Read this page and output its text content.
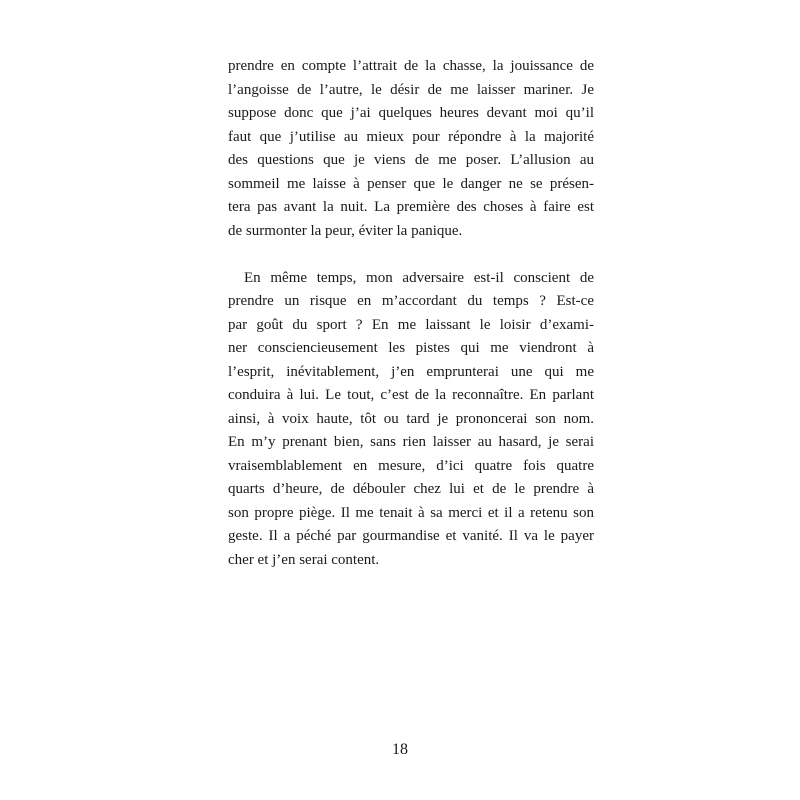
prendre en compte l’attrait de la chasse, la jouissance de
l’angoisse de l’autre, le désir de me laisser mariner. Je
suppose donc que j’ai quelques heures devant moi qu’il
faut que j’utilise au mieux pour répondre à la majorité
des questions que je viens de me poser. L’allusion au
sommeil me laisse à penser que le danger ne se présen-
tera pas avant la nuit. La première des choses à faire est
de surmonter la peur, éviter la panique.
En même temps, mon adversaire est-il conscient de
prendre un risque en m’accordant du temps ? Est-ce
par goût du sport ? En me laissant le loisir d’exami-
ner consciencieusement les pistes qui me viendront à
l’esprit, inévitablement, j’en emprunterai une qui me
conduira à lui. Le tout, c’est de la reconnaître. En parlant
ainsi, à voix haute, tôt ou tard je prononcerai son nom.
En m’y prenant bien, sans rien laisser au hasard, je serai
vraisemblablement en mesure, d’ici quatre fois quatre
quarts d’heure, de débouler chez lui et de le prendre à
son propre piège. Il me tenait à sa merci et il a retenu son
geste. Il a péché par gourmandise et vanité. Il va le payer
cher et j’en serai content.
18
